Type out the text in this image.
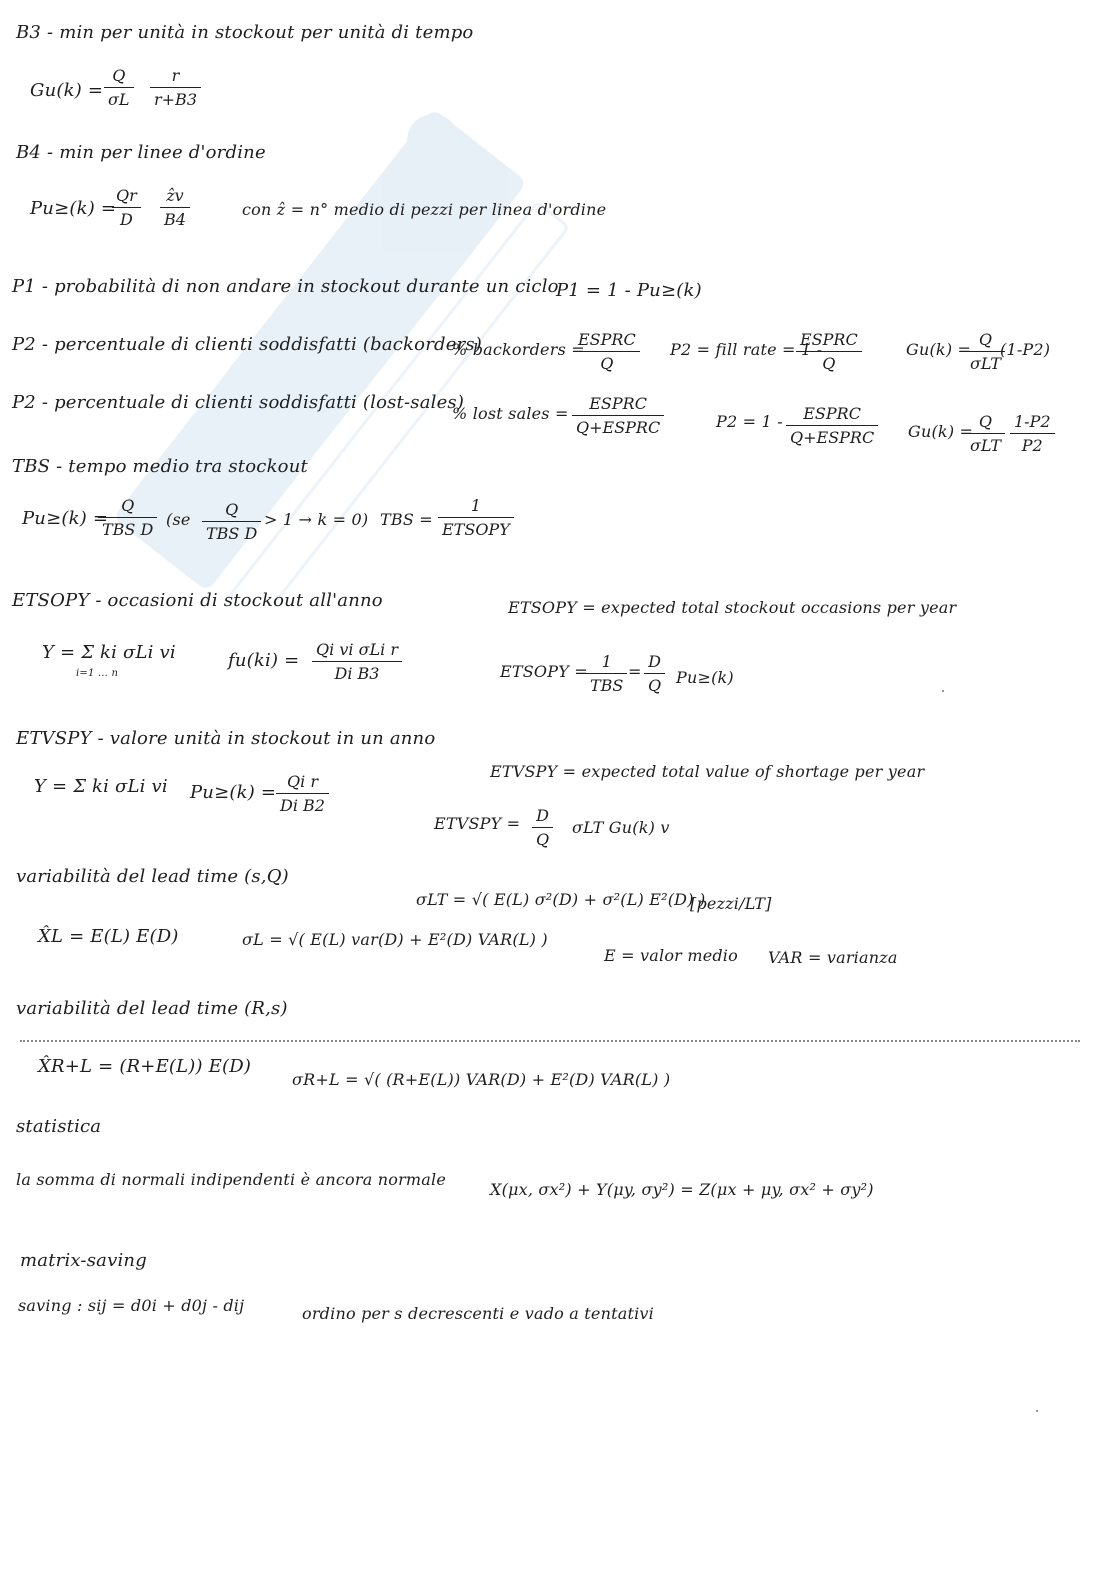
B3 - min per unità in stockout per unità di tempo
$Gu(k) = \frac{Q}{\sigma L} \frac{r}{r+B3}$
B4 - min per linee d'ordine
Pu≥(k) =
$\frac{Qr}{D} \frac{\text{ẑv}}{B4}$	con ẑ = n° medio di pezzi per linea d'ordine
P1 - probabilità di non andare in stockout durante un ciclo
P1 = 1 - Pu≥(k)
P2 - percentuale di clienti soddisfatti (backorders)
% backorders =
ESPRC
Q
P2 = fill rate = 1 -
ESPRC
Q
Gu(k) =
Q
σLT
(1-P2)
P2 - percentuale di clienti soddisfatti (lost-sales)
% lost sales =
ESPRC
Q+ESPRC	P2 = 1 -	ESPRC
Q+ESPRC Gu(k) =
Q
σLT $\frac{1-P2}{P2}$
TBS - tempo medio tra stockout
Pu≥(k) =
Q
TBS D
(se
Q
TBS D
> 1 → k = 0) TBS =
1
ETSOPY
ETSOPY - occasioni di stockout all'anno	ETSOPY = expected total stockout occasions per year
Y = Σ ki σLi vi
i=1 … n
fu(ki) =
Qi vi σLi r
Di B3	ETSOPY =
1
TBS
= $\frac{D}{Q} Pu\ge(k)$
ETVSPY - valore unità in stockout in un anno
ETVSPY = expected total value of shortage per year
Y = Σ ki σLi vi $Pu\ge(k) = \frac{\text{Qi r}}{\text{Di B2}}$
ETVSPY = $\frac{D}{Q}$ σLT Gu(k) v
variabilità del lead time (s,Q)
σLT = √( E(L) σ²(D) + σ²(L) E²(D) )
[pezzi/LT]
X̂L = E(L) E(D)	σL = √( E(L) var(D) + E²(D) VAR(L) )
E = valor medio VAR = varianza
variabilità del lead time (R,s)
X̂R+L = (R+E(L)) E(D)
σR+L = √( (R+E(L)) VAR(D) + E²(D) VAR(L) )
statistica
la somma di normali indipendenti è ancora normale
X(μx, σx²) + Y(μy, σy²) = Z(μx + μy, σx² + σy²)
matrix-saving
saving : sij = d0i + d0j - dij	ordino per s decrescenti e vado a tentativi
